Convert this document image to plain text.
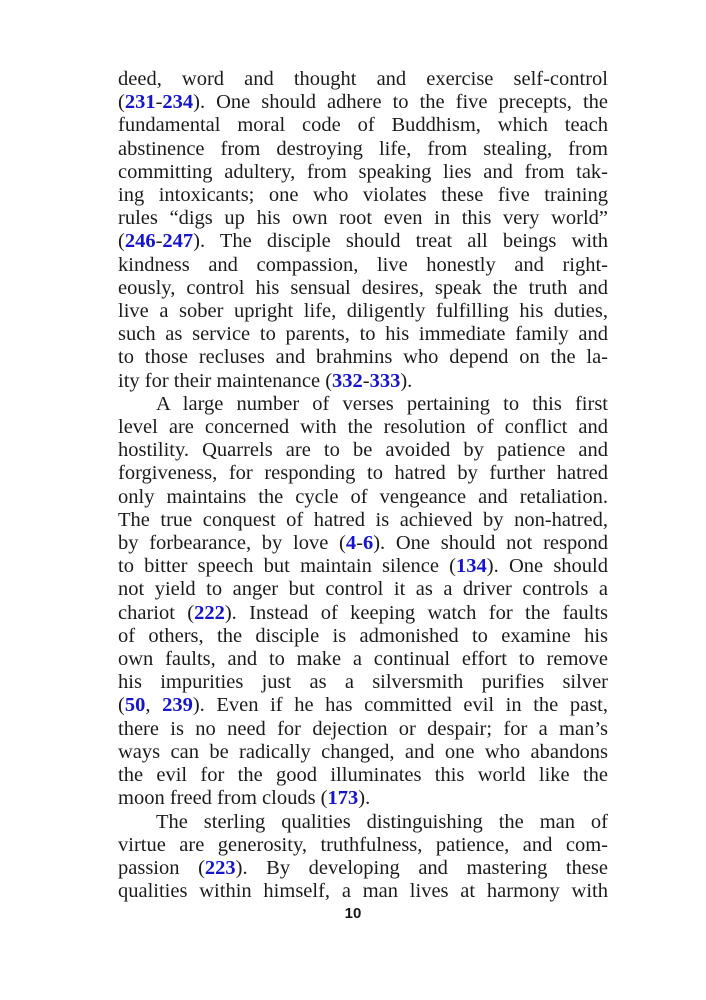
deed, word and thought and exercise self-control
(231-234). One should adhere to the five precepts, the
fundamental moral code of Buddhism, which teach
abstinence from destroying life, from stealing, from
committing adultery, from speaking lies and from tak-
ing intoxicants; one who violates these five training
rules “digs up his own root even in this very world”
(246-247). The disciple should treat all beings with
kindness and compassion, live honestly and right-
eously, control his sensual desires, speak the truth and
live a sober upright life, diligently fulfilling his duties,
such as service to parents, to his immediate family and
to those recluses and brahmins who depend on the la-
ity for their maintenance (332-333).
A large number of verses pertaining to this first
level are concerned with the resolution of conflict and
hostility. Quarrels are to be avoided by patience and
forgiveness, for responding to hatred by further hatred
only maintains the cycle of vengeance and retaliation.
The true conquest of hatred is achieved by non-hatred,
by forbearance, by love (4-6). One should not respond
to bitter speech but maintain silence (134). One should
not yield to anger but control it as a driver controls a
chariot (222). Instead of keeping watch for the faults
of others, the disciple is admonished to examine his
own faults, and to make a continual effort to remove
his impurities just as a silversmith purifies silver
(50, 239). Even if he has committed evil in the past,
there is no need for dejection or despair; for a man’s
ways can be radically changed, and one who abandons
the evil for the good illuminates this world like the
moon freed from clouds (173).
The sterling qualities distinguishing the man of
virtue are generosity, truthfulness, patience, and com-
passion (223). By developing and mastering these
qualities within himself, a man lives at harmony with
10
